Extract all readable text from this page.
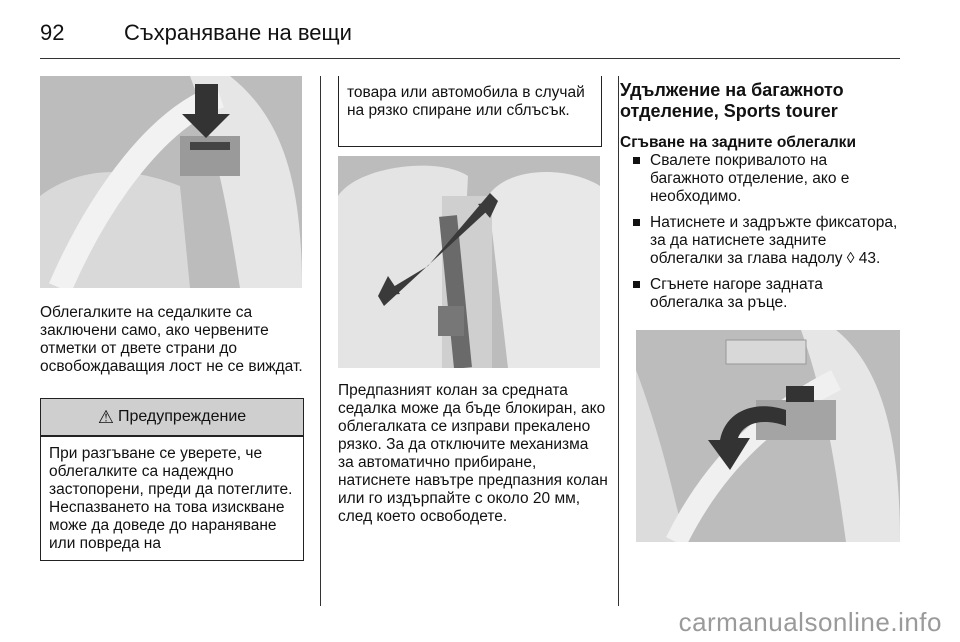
92	Съхраняване на вещи

Облегалките на седалките са заключени само, ако червените отметки от двете страни до освобождаващия лост не се виждат.

⚠ Предупреждение
При разгъване се уверете, че облегалките са надеждно застопорени, преди да потеглите. Неспазването на това изискване може да доведе до нараняване или повреда на
товара или автомобила в случай на рязко спиране или сблъсък.

Предпазният колан за средната седалка може да бъде блокиран, ако облегалката се изправи прекалено рязко. За да отключите механизма за автоматично прибиране, натиснете навътре предпазния колан или го издърпайте с около 20 мм, след което освободете.

Удължение на багажното отделение, Sports tourer
Сгъване на задните облегалки
Свалете покривалото на багажното отделение, ако е необходимо.
Натиснете и задръжте фиксатора, за да натиснете задните облегалки за глава надолу ◊ 43.
Сгънете нагоре задната облегалка за ръце.
carmanualsonline.info
